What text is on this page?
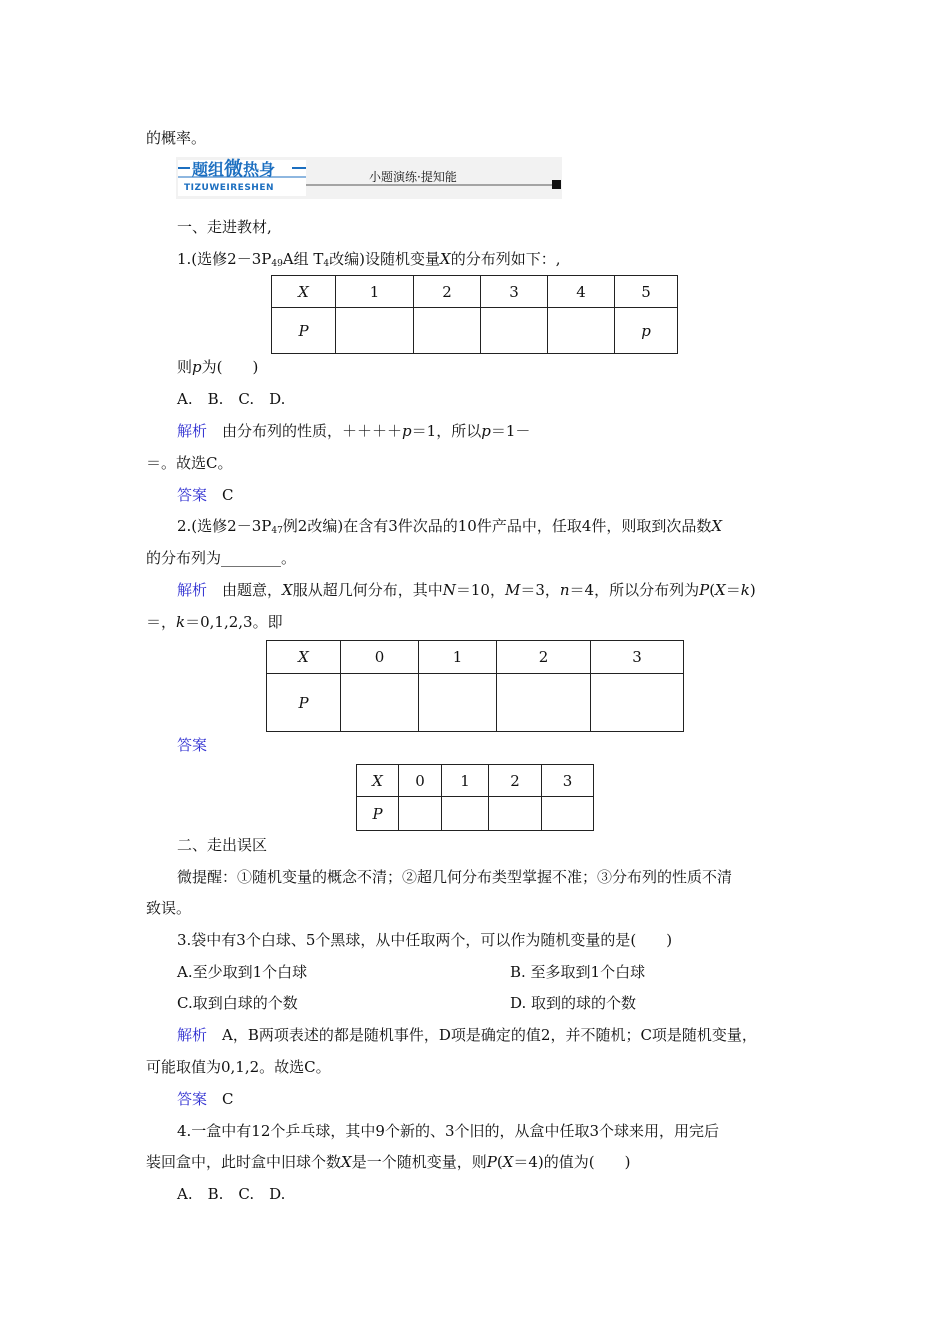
的概率。
题组微热身
TIZUWEIRESHEN
小题演练·提知能
一、走进教材,
1.(选修$2-3P_{49}A$组 $T_4$改编)设随机变量X的分布列如下：,
X	1	2	3	4	5
P					p
则p为(　　)
A.　B.　C.　D.
解析　 由分布列的性质，＋＋＋＋p＝1，所以p＝1－
＝。故选C。
答案　 C
2.(选修$2-3P_{47}$例2改编)在含有3件次品的10件产品中，任取4件，则取到次品数X
的分布列为________。
解析　 由题意，X服从超几何分布，其中N＝10，M＝3，n＝4，所以分布列为P(X＝k)
＝，k＝0,1,2,3。即
X	0	1	2	3
P				
答案
X	0	1	2	3
P				
二、走出误区
微提醒：①随机变量的概念不清；②超几何分布类型掌握不准；③分布列的性质不清
致误。
3.袋中有3个白球、5个黑球，从中任取两个，可以作为随机变量的是(　　)
A.至少取到1个白球	B. 至多取到1个白球
C.取到白球的个数	D. 取到的球的个数
解析　 A，B两项表述的都是随机事件，D项是确定的值2，并不随机；C项是随机变量，
可能取值为0,1,2。故选C。
答案　 C
4.一盒中有12个乒乓球，其中9个新的、3个旧的，从盒中任取3个球来用，用完后
装回盒中，此时盒中旧球个数X是一个随机变量，则P(X＝4)的值为(　　)
A.　B.　C.　D.
